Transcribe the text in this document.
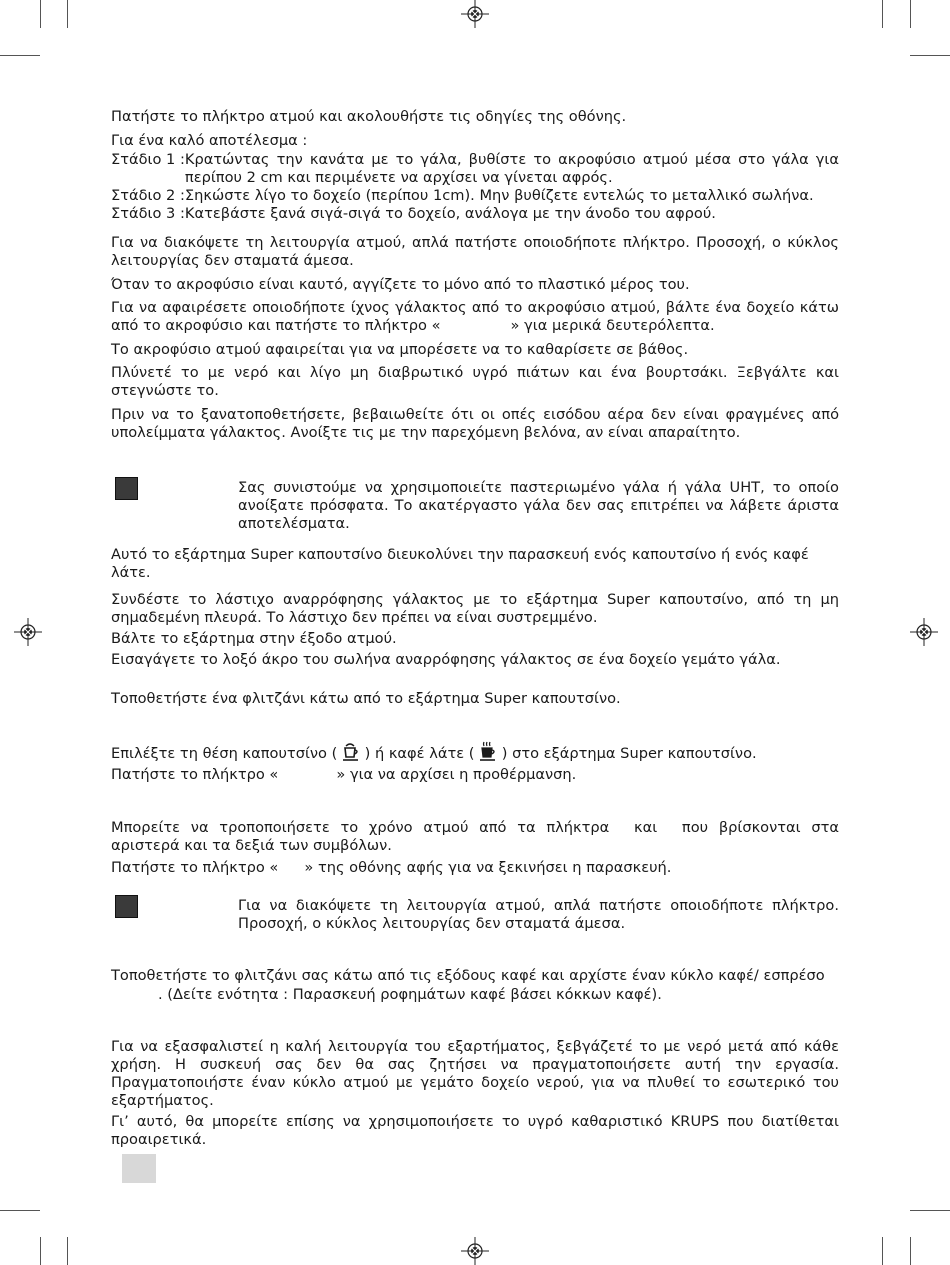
Πατήστε το πλήκτρο ατμού και ακολουθήστε τις οδηγίες της οθόνης.

Για ένα καλό αποτέλεσμα :

Στάδιο 1 : Κρατώντας την κανάτα με το γάλα, βυθίστε το ακροφύσιο ατμού μέσα στο γάλα για περίπου 2 cm και περιμένετε να αρχίσει να γίνεται αφρός.
Στάδιο 2 : Σηκώστε λίγο το δοχείο (περίπου 1cm). Μην βυθίζετε εντελώς το μεταλλικό σωλήνα.
Στάδιο 3 : Κατεβάστε ξανά σιγά-σιγά το δοχείο, ανάλογα με την άνοδο του αφρού.

Για να διακόψετε τη λειτουργία ατμού, απλά πατήστε οποιοδήποτε πλήκτρο. Προσοχή, ο κύκλος λειτουργίας δεν σταματά άμεσα.

Όταν το ακροφύσιο είναι καυτό, αγγίζετε το μόνο από το πλαστικό μέρος του.

Για να αφαιρέσετε οποιοδήποτε ίχνος γάλακτος από το ακροφύσιο ατμού, βάλτε ένα δοχείο κάτω από το ακροφύσιο και πατήστε το πλήκτρο «	» για μερικά δευτερόλεπτα.

Το ακροφύσιο ατμού αφαιρείται για να μπορέσετε να το καθαρίσετε σε βάθος.

Πλύνετέ το με νερό και λίγο μη διαβρωτικό υγρό πιάτων και ένα βουρτσάκι. Ξεβγάλτε και στεγνώστε το.

Πριν να το ξανατοποθετήσετε, βεβαιωθείτε ότι οι οπές εισόδου αέρα δεν είναι φραγμένες από υπολείμματα γάλακτος. Ανοίξτε τις με την παρεχόμενη βελόνα, αν είναι απαραίτητο.

Σας συνιστούμε να χρησιμοποιείτε παστεριωμένο γάλα ή γάλα UHT, το οποίο ανοίξατε πρόσφατα. Το ακατέργαστο γάλα δεν σας επιτρέπει να λάβετε άριστα αποτελέσματα.

Αυτό το εξάρτημα Super καπουτσίνο διευκολύνει την παρασκευή ενός καπουτσίνο ή ενός καφέ λάτε.

Συνδέστε το λάστιχο αναρρόφησης γάλακτος με το εξάρτημα Super καπουτσίνο, από τη μη σημαδεμένη πλευρά. Το λάστιχο δεν πρέπει να είναι συστρεμμένο.

Βάλτε το εξάρτημα στην έξοδο ατμού.

Εισαγάγετε το λοξό άκρο του σωλήνα αναρρόφησης γάλακτος σε ένα δοχείο γεμάτο γάλα.

Τοποθετήστε ένα φλιτζάνι κάτω από το εξάρτημα Super καπουτσίνο.

Επιλέξτε τη θέση καπουτσίνο ( ) ή καφέ λάτε ( ) στο εξάρτημα Super καπουτσίνο.

Πατήστε το πλήκτρο «	» για να αρχίσει η προθέρμανση.

Μπορείτε να τροποποιήσετε το χρόνο ατμού από τα πλήκτρα και που βρίσκονται στα αριστερά και τα δεξιά των συμβόλων.

Πατήστε το πλήκτρο « » της οθόνης αφής για να ξεκινήσει η παρασκευή.

Για να διακόψετε τη λειτουργία ατμού, απλά πατήστε οποιοδήποτε πλήκτρο. Προσοχή, ο κύκλος λειτουργίας δεν σταματά άμεσα.

Τοποθετήστε το φλιτζάνι σας κάτω από τις εξόδους καφέ και αρχίστε έναν κύκλο καφέ/ εσπρέσο

. (Δείτε ενότητα : Παρασκευή ροφημάτων καφέ βάσει κόκκων καφέ).

Για να εξασφαλιστεί η καλή λειτουργία του εξαρτήματος, ξεβγάζετέ το με νερό μετά από κάθε χρήση. Η συσκευή σας δεν θα σας ζητήσει να πραγματοποιήσετε αυτή την εργασία. Πραγματοποιήστε έναν κύκλο ατμού με γεμάτο δοχείο νερού, για να πλυθεί το εσωτερικό του εξαρτήματος.

Γι’ αυτό, θα μπορείτε επίσης να χρησιμοποιήσετε το υγρό καθαριστικό KRUPS που διατίθεται προαιρετικά.
